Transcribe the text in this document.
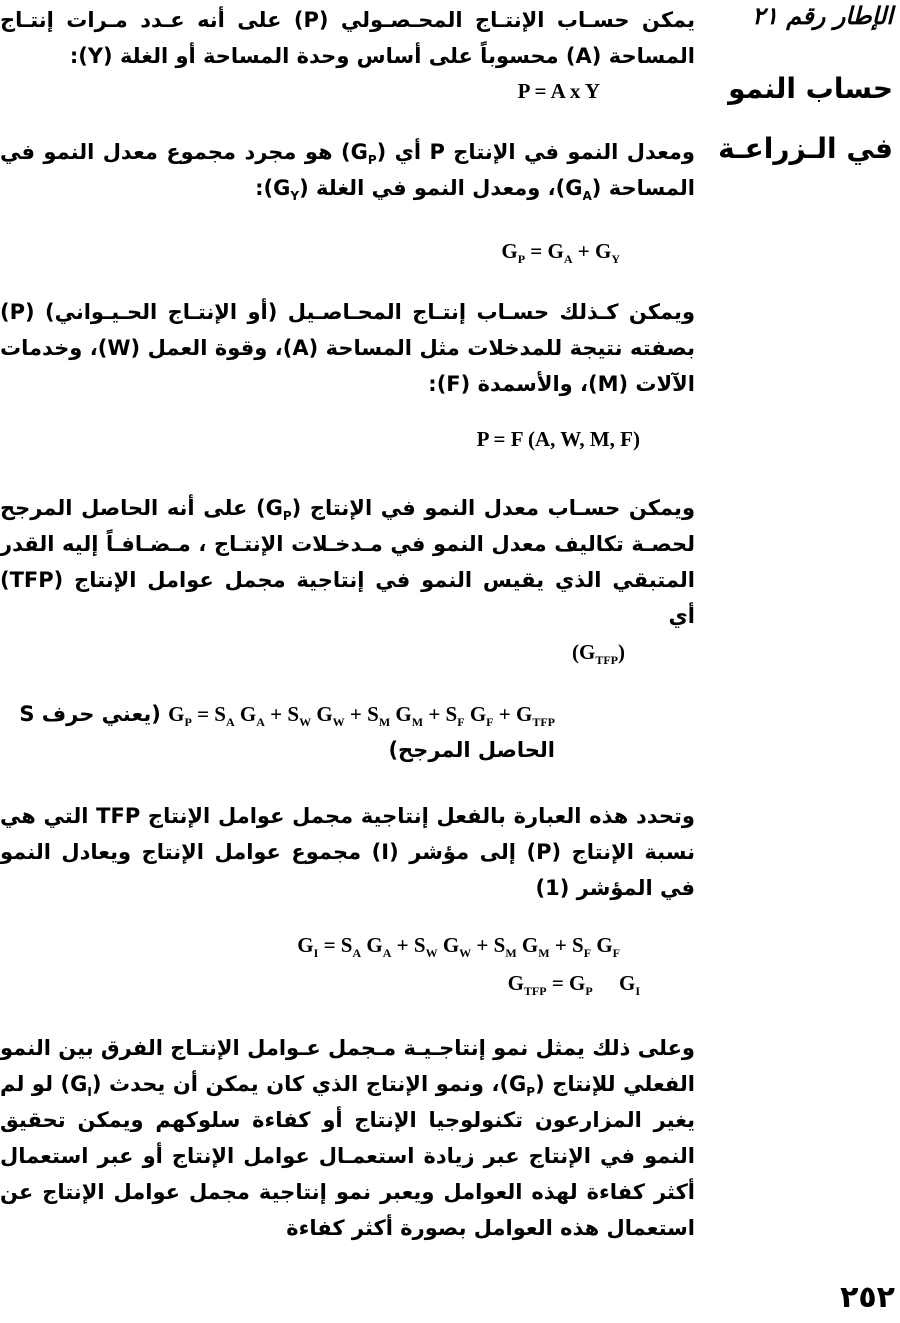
يمكن حسـاب الإنتـاج المحـصـولي (P) على أنه عـدد مـرات إنتـاج المساحة (A) محسوباً على أساس وحدة المساحة أو الغلة (Y):

P = A x Y

ومعدل النمو في الإنتاج P أي $(G_P)$ هو مجرد مجموع معدل النمو في المساحة $(G_A)،$ ومعدل النمو في الغلة $(G_Y)$:

$G_P = G_A + G_Y$

ويمكن كـذلك حسـاب إنتـاج المحـاصـيل (أو الإنتـاج الحـيـواني) (P) بصفته نتيجة للمدخلات مثل المساحة (A)، وقوة العمل (W)، وخدمات الآلات (M)، والأسمدة (F):

P = F (A, W, M, F)

ويمكن حسـاب معدل النمو في الإنتاج $(G_P)$ على أنه الحاصل المرجح لحصـة تكاليف معدل النمو في مـدخـلات الإنتـاج ، مـضـافـاً إليه القدر المتبقي الذي يقيس النمو في إنتاجية مجمل عوامل الإنتاج (TFP) أي

$(G_{TFP})$
$G_P = S_A$ $G_A + S_W$ $G_W + S_M$ $G_M + S_F$ $G_F + G_{TFP}$ (يعني حرف S الحاصل المرجح)

وتحدد هذه العبارة بالفعل إنتاجية مجمل عوامل الإنتاج TFP التي هي نسبة الإنتاج (P) إلى مؤشر (I) مجموع عوامل الإنتاج ويعادل النمو في المؤشر (1)

$G_I = S_A$ $G_A + S_W$ $G_W + S_M$ $G_M + S_F$ $G_F$
$G_{TFP} = G_P$  $G_I$

وعلى ذلك يمثل نمو إنتاجـيـة مـجمل عـوامل الإنتـاج الفرق بين النمو الفعلي للإنتاج $(G_P)،$ ونمو الإنتاج الذي كان يمكن أن يحدث $(G_I)$ لو لم يغير المزارعون تكنولوجيا الإنتاج أو كفاءة سلوكهم ويمكن تحقيق النمو في الإنتاج عبر زيادة استعمـال عوامل الإنتاج أو عبر استعمال أكثر كفاءة لهذه العوامل ويعبر نمو إنتاجية مجمل عوامل الإنتاج عن استعمال هذه العوامل بصورة أكثر كفاءة

الإطار رقم ٢١
حساب النمو
في الـزراعـة
٢٥٢
